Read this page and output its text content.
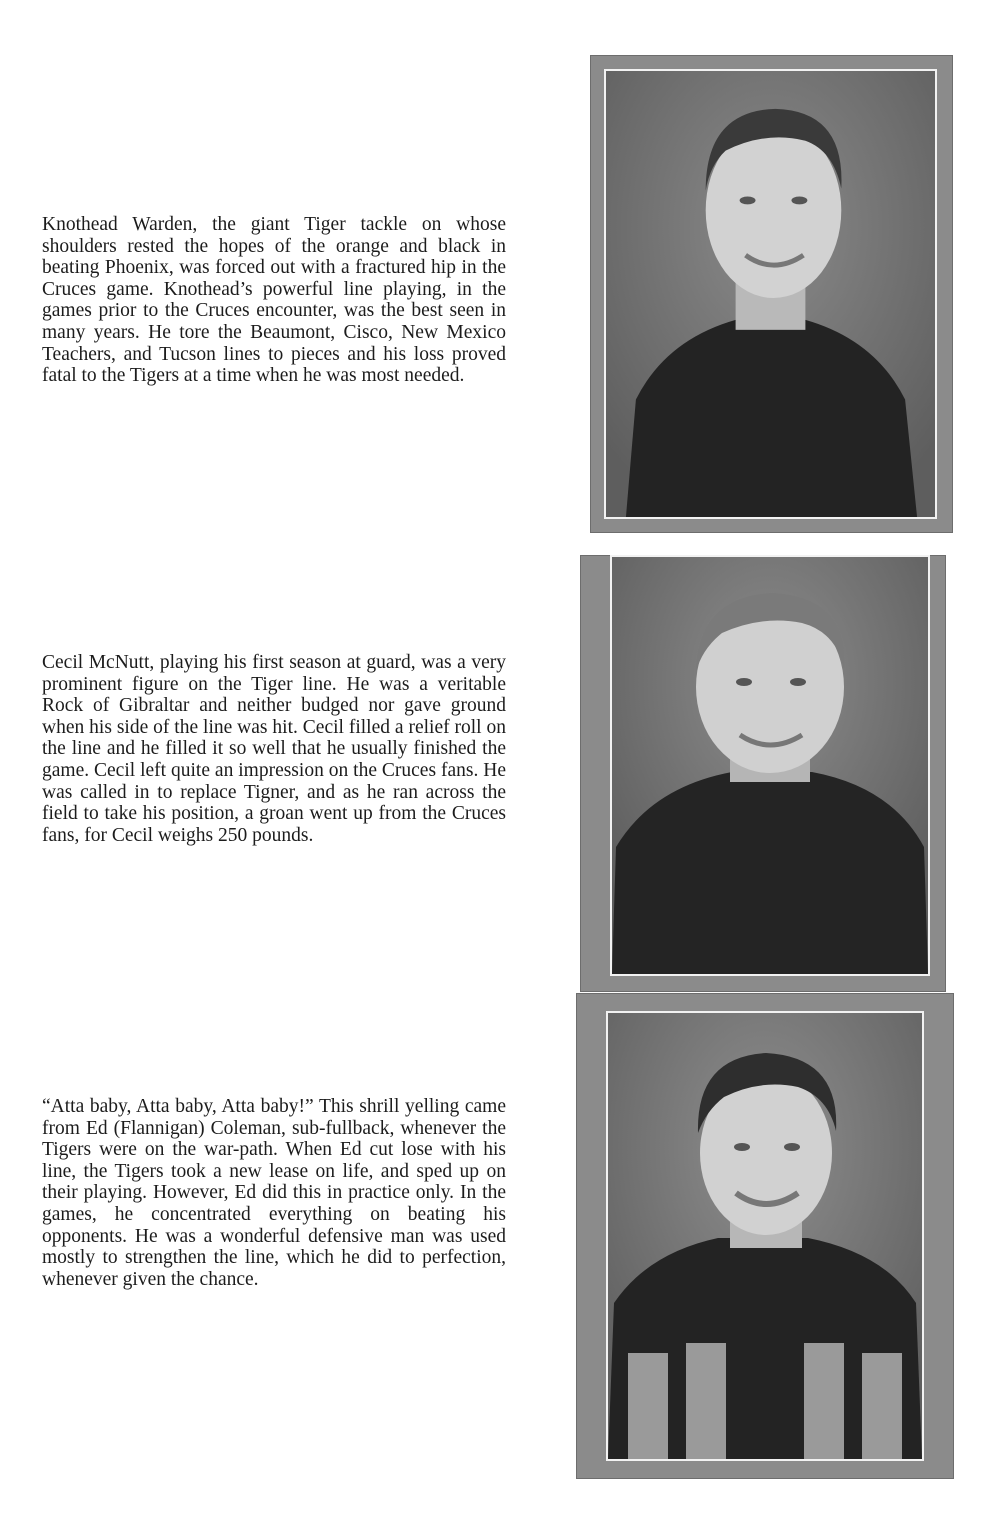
Knothead Warden, the giant Tiger tackle on whose shoulders rested the hopes of the orange and black in beating Phoenix, was forced out with a fractured hip in the Cruces game. Knothead’s powerful line playing, in the games prior to the Cruces encounter, was the best seen in many years. He tore the Beaumont, Cisco, New Mexico Teachers, and Tucson lines to pieces and his loss proved fatal to the Tigers at a time when he was most needed.
Cecil McNutt, playing his first season at guard, was a very prominent figure on the Tiger line. He was a veritable Rock of Gibraltar and neither budged nor gave ground when his side of the line was hit. Cecil filled a relief roll on the line and he filled it so well that he usually finished the game. Cecil left quite an impression on the Cruces fans. He was called in to replace Tigner, and as he ran across the field to take his position, a groan went up from the Cruces fans, for Cecil weighs 250 pounds.
“Atta baby, Atta baby, Atta baby!” This shrill yelling came from Ed (Flannigan) Coleman, sub-fullback, whenever the Tigers were on the war-path. When Ed cut lose with his line, the Tigers took a new lease on life, and sped up on their playing. However, Ed did this in practice only. In the games, he concentrated everything on beating his opponents. He was a wonderful defensive man was used mostly to strengthen the line, which he did to perfection, whenever given the chance.
